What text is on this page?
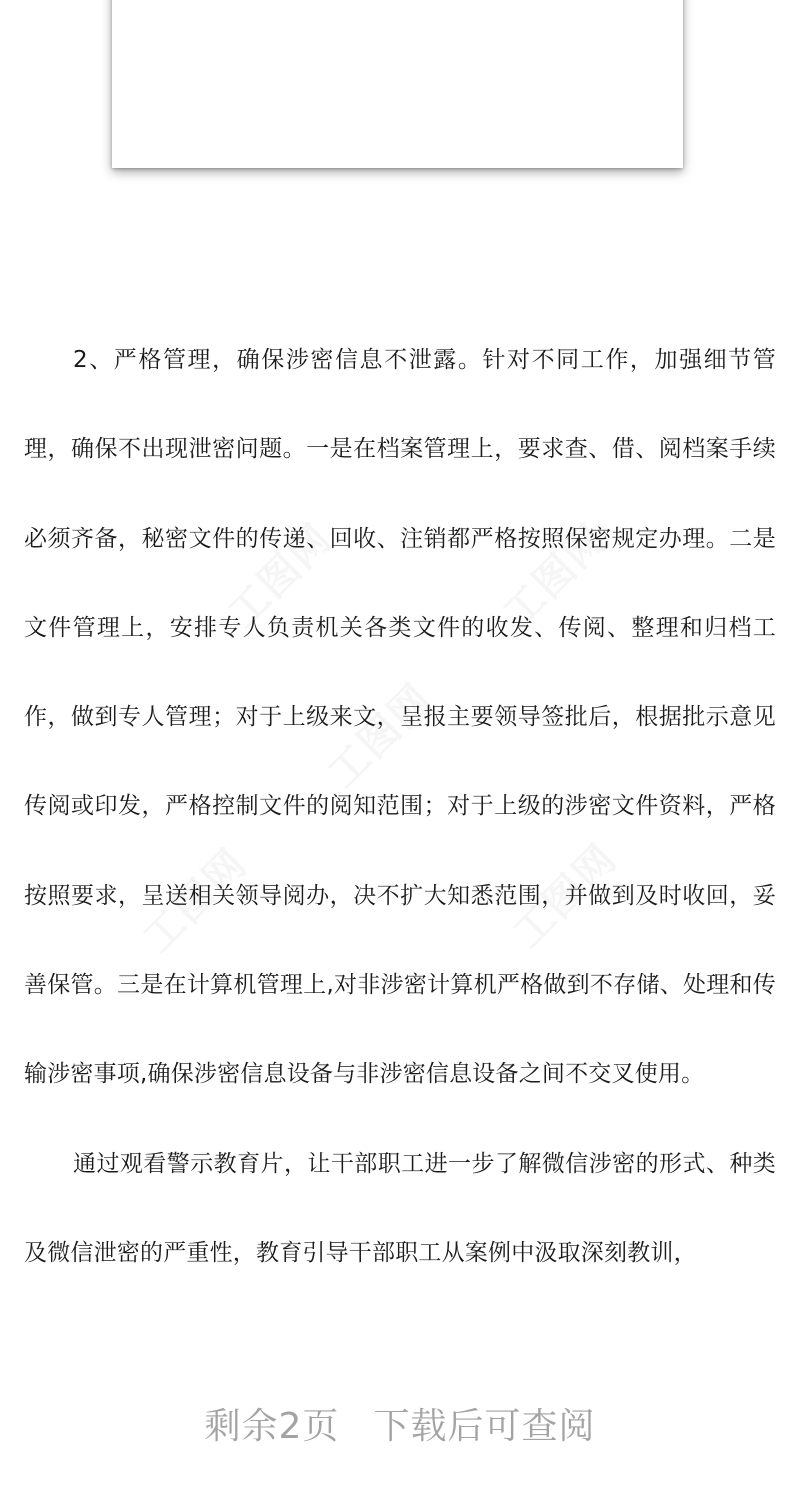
工图网	工图网
工图网
工图网	工图网

2、严格管理，确保涉密信息不泄露。针对不同工作，加强细节管理，确保不出现泄密问题。一是在档案管理上，要求查、借、阅档案手续必须齐备，秘密文件的传递、回收、注销都严格按照保密规定办理。二是文件管理上，安排专人负责机关各类文件的收发、传阅、整理和归档工作，做到专人管理；对于上级来文，呈报主要领导签批后，根据批示意见传阅或印发，严格控制文件的阅知范围；对于上级的涉密文件资料，严格按照要求，呈送相关领导阅办，决不扩大知悉范围，并做到及时收回，妥善保管。三是在计算机管理上,对非涉密计算机严格做到不存储、处理和传输涉密事项,确保涉密信息设备与非涉密信息设备之间不交叉使用。

通过观看警示教育片，让干部职工进一步了解微信涉密的形式、种类及微信泄密的严重性，教育引导干部职工从案例中汲取深刻教训，

剩余2页 下载后可查阅
